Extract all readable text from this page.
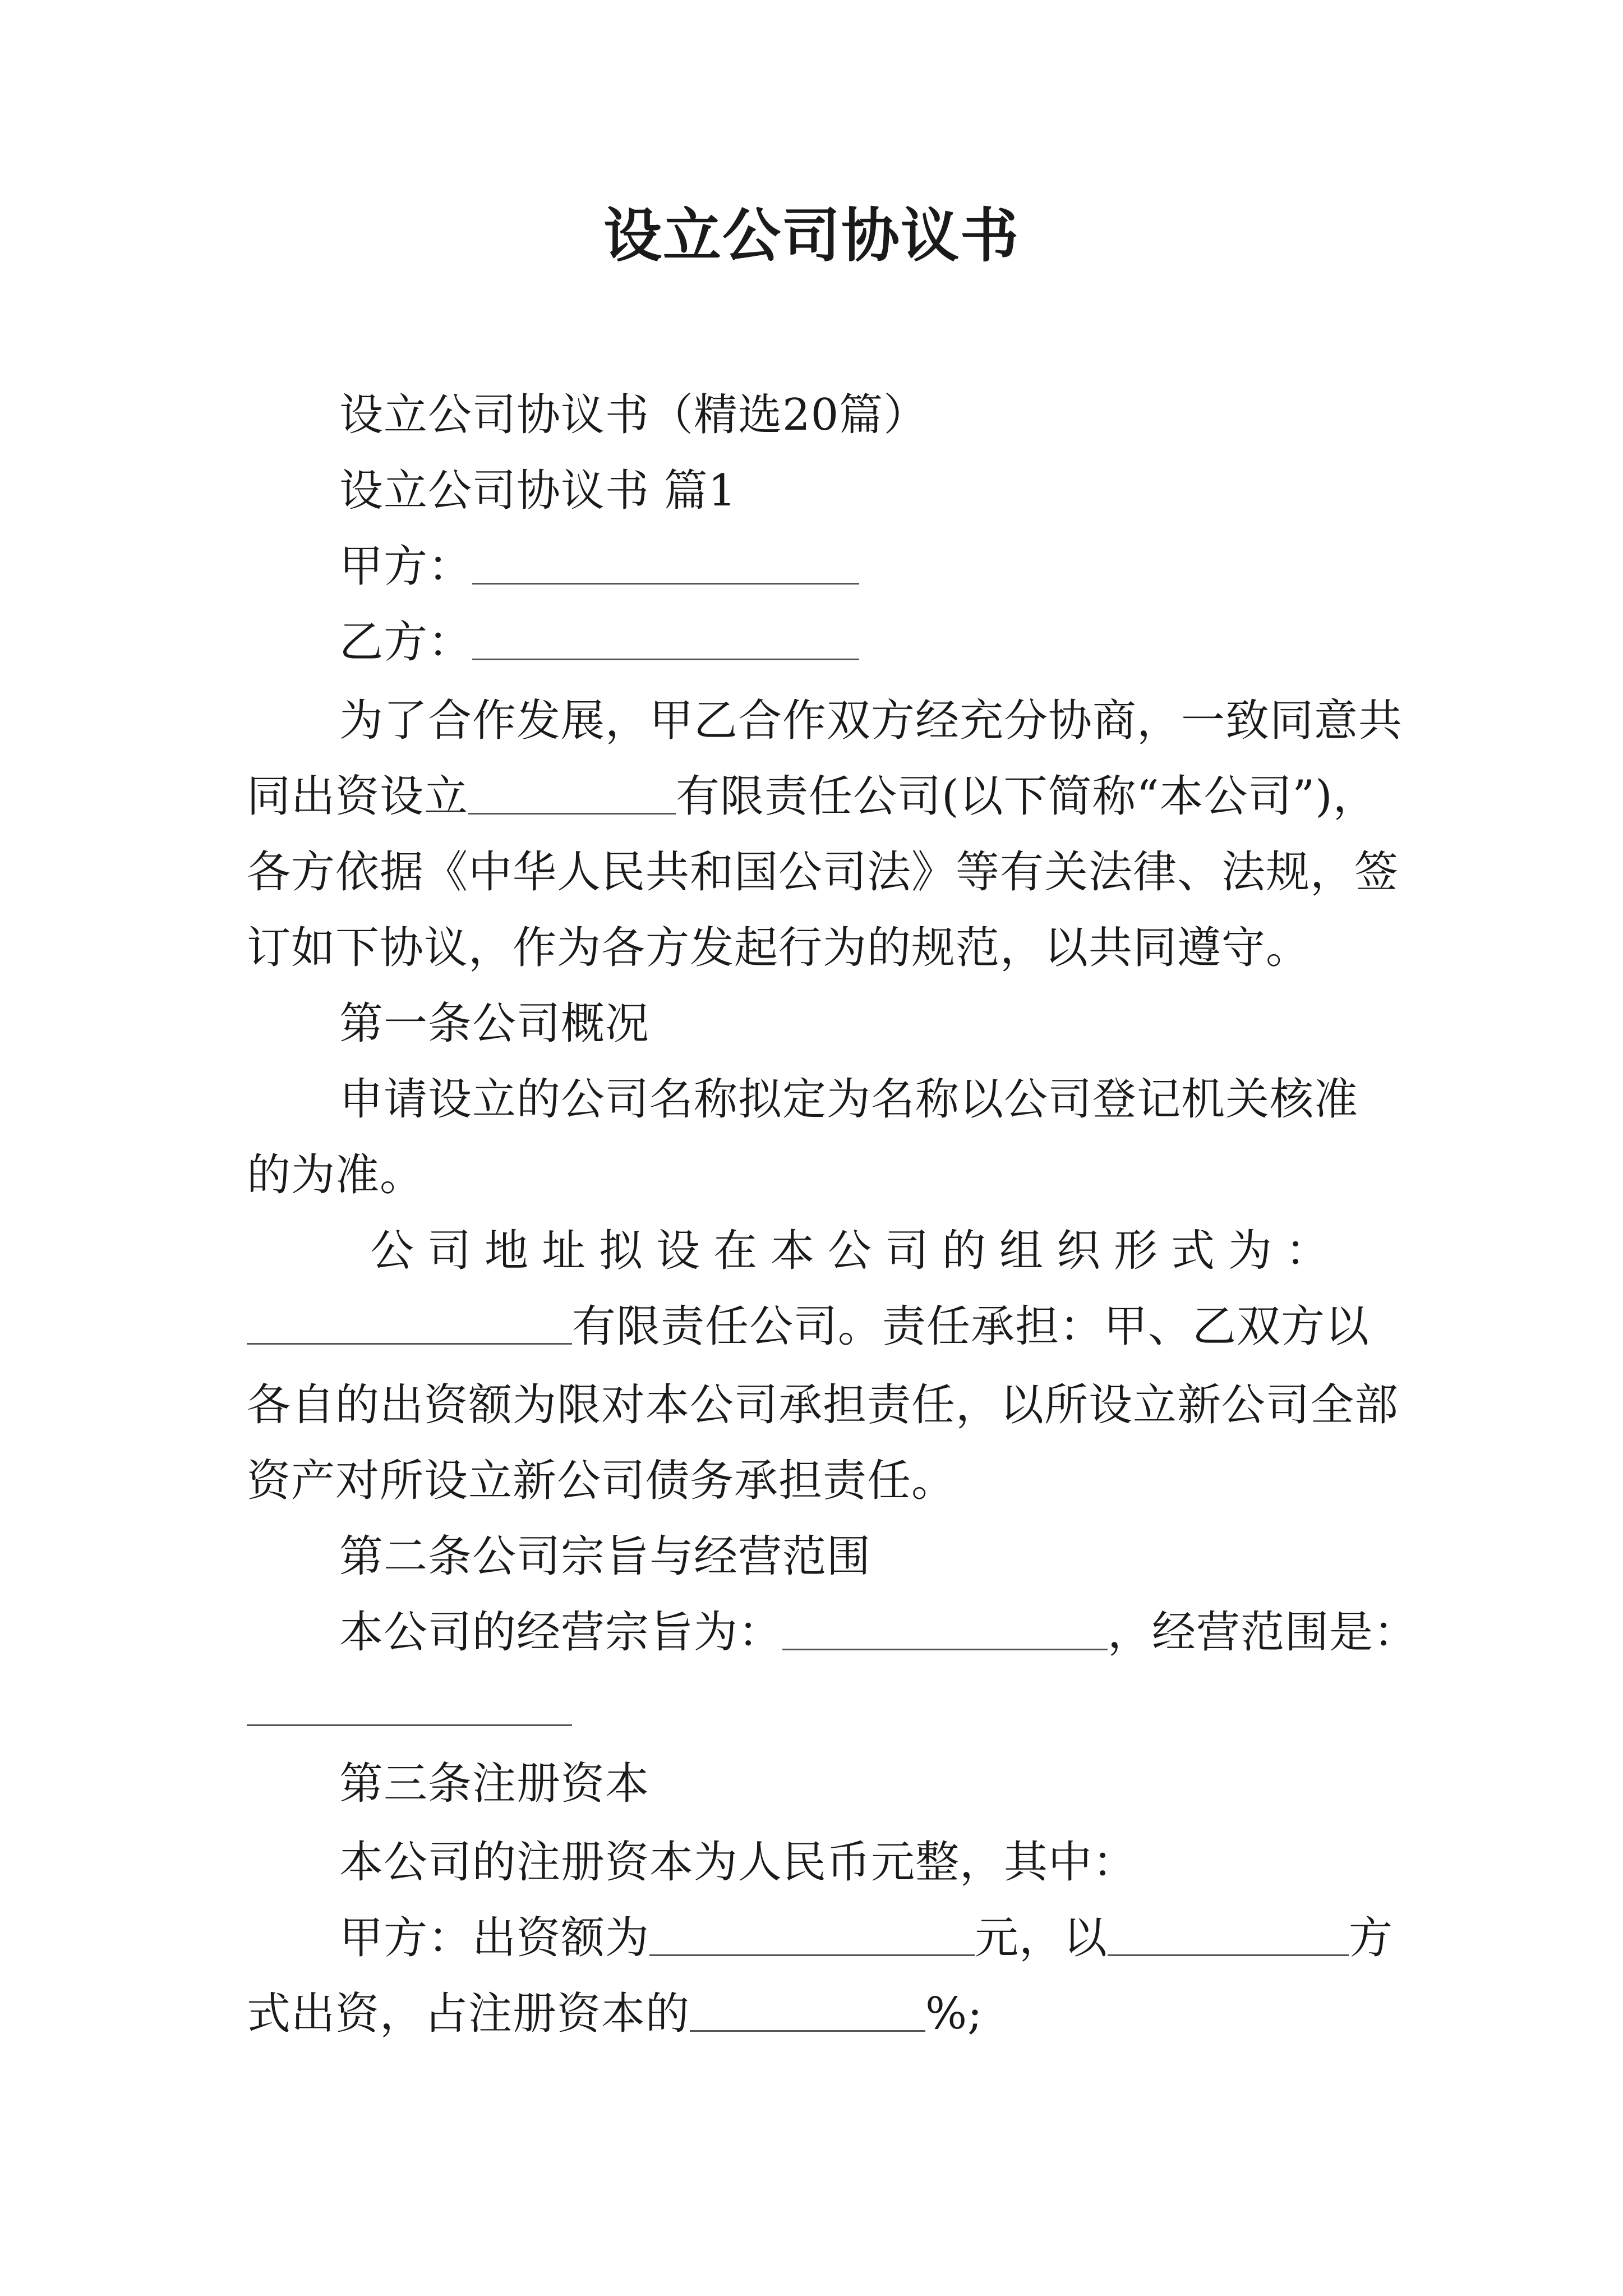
设立公司协议书
设立公司协议书（精选20篇）
设立公司协议书 篇1
甲方：
乙方：
为了合作发展，甲乙合作双方经充分协商，一致同意共
同出资设立	有限责任公司(以下简称“本公司”)，
各方依据《中华人民共和国公司法》等有关法律、法规，签
订如下协议，作为各方发起行为的规范，以共同遵守。
第一条公司概况
申请设立的公司名称拟定为名称以公司登记机关核准
的为准。
公司地址拟设在本公司的组织形式为：
有限责任公司。责任承担：甲、乙双方以
各自的出资额为限对本公司承担责任，以所设立新公司全部
资产对所设立新公司债务承担责任。
第二条公司宗旨与经营范围
本公司的经营宗旨为：	，经营范围是：
第三条注册资本
本公司的注册资本为人民币元整，其中：
甲方：出资额为	元，以	方
式出资，占注册资本的	%;
